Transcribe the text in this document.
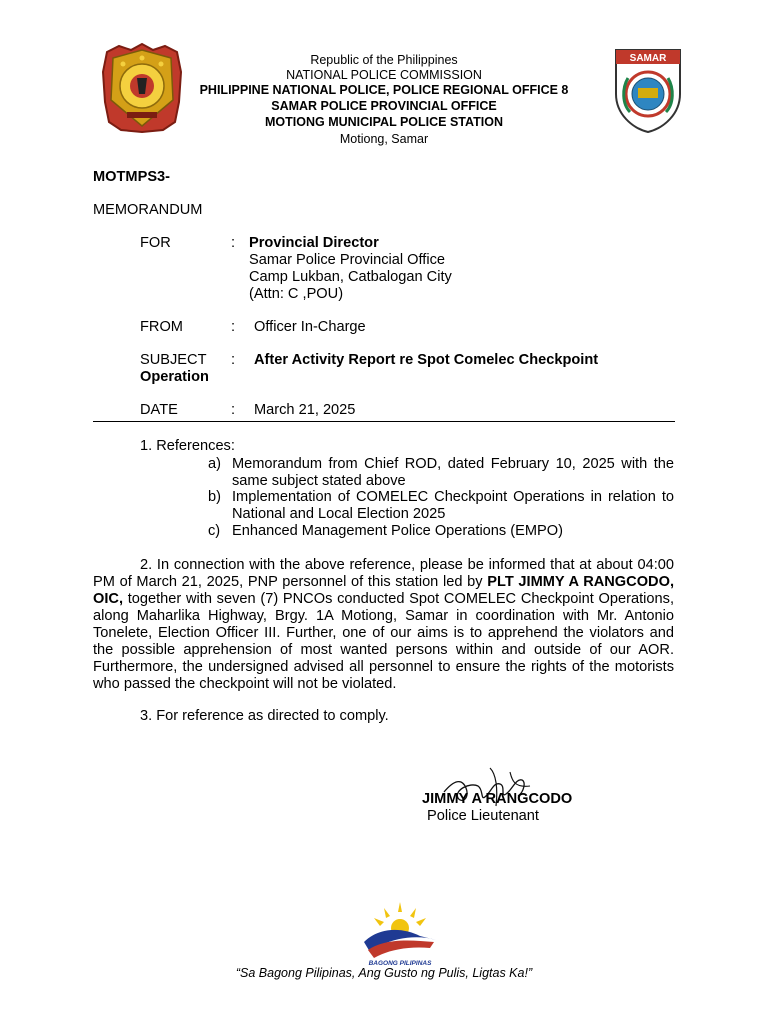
SAMAR
Republic of the Philippines
NATIONAL POLICE COMMISSION
PHILIPPINE NATIONAL POLICE, POLICE REGIONAL OFFICE 8
SAMAR POLICE PROVINCIAL OFFICE
MOTIONG MUNICIPAL POLICE STATION
Motiong, Samar
MOTMPS3-
MEMORANDUM
FOR	: Provincial Director
Samar Police Provincial Office
Camp Lukban, Catbalogan City
(Attn: C ,POU)
FROM	: Officer In-Charge
SUBJECT : After Activity Report re Spot Comelec Checkpoint
Operation
DATE	: March 21, 2025
1. References:
a) Memorandum from Chief ROD, dated February 10, 2025 with the same subject stated above
b) Implementation of COMELEC Checkpoint Operations in relation to National and Local Election 2025
c) Enhanced Management Police Operations (EMPO)
2. In connection with the above reference, please be informed that at about 04:00 PM of March 21, 2025, PNP personnel of this station led by PLT JIMMY A RANGCODO, OIC, together with seven (7) PNCOs conducted Spot COMELEC Checkpoint Operations, along Maharlika Highway, Brgy. 1A Motiong, Samar in coordination with Mr. Antonio Tonelete, Election Officer III. Further, one of our aims is to apprehend the violators and the possible apprehension of most wanted persons within and outside of our AOR. Furthermore, the undersigned advised all personnel to ensure the rights of the motorists who passed the checkpoint will not be violated.
3. For reference as directed to comply.
JIMMY A RANGCODO
Police Lieutenant
BAGONG PILIPINAS
“Sa Bagong Pilipinas, Ang Gusto ng Pulis, Ligtas Ka!”
